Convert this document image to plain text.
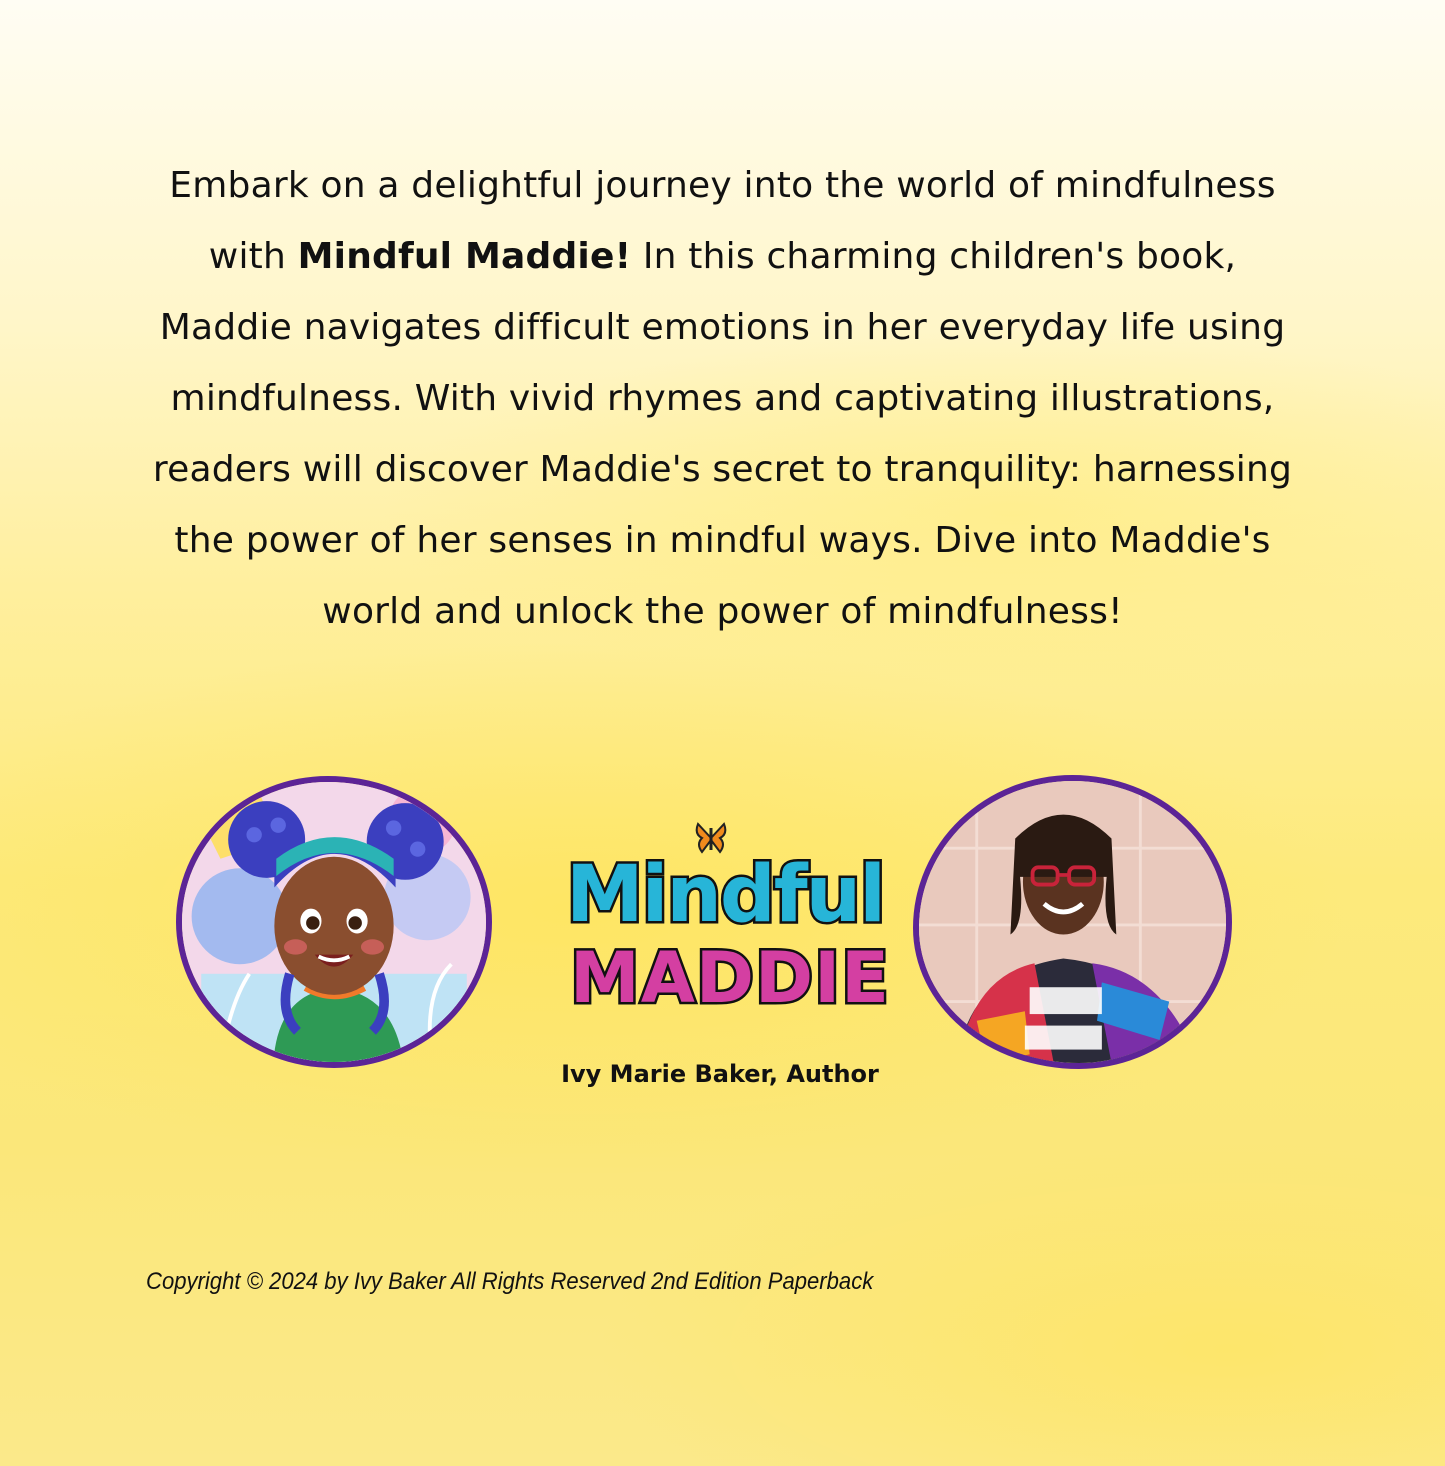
Embark on a delightful journey into the world of mindfulness with Mindful Maddie! In this charming children's book, Maddie navigates difficult emotions in her everyday life using mindfulness. With vivid rhymes and captivating illustrations, readers will discover Maddie's secret to tranquility: harnessing the power of her senses in mindful ways. Dive into Maddie's world and unlock the power of mindfulness!
Mindful
MADDIE
Ivy Marie Baker, Author
Copyright © 2024 by Ivy Baker All Rights Reserved 2nd Edition Paperback
